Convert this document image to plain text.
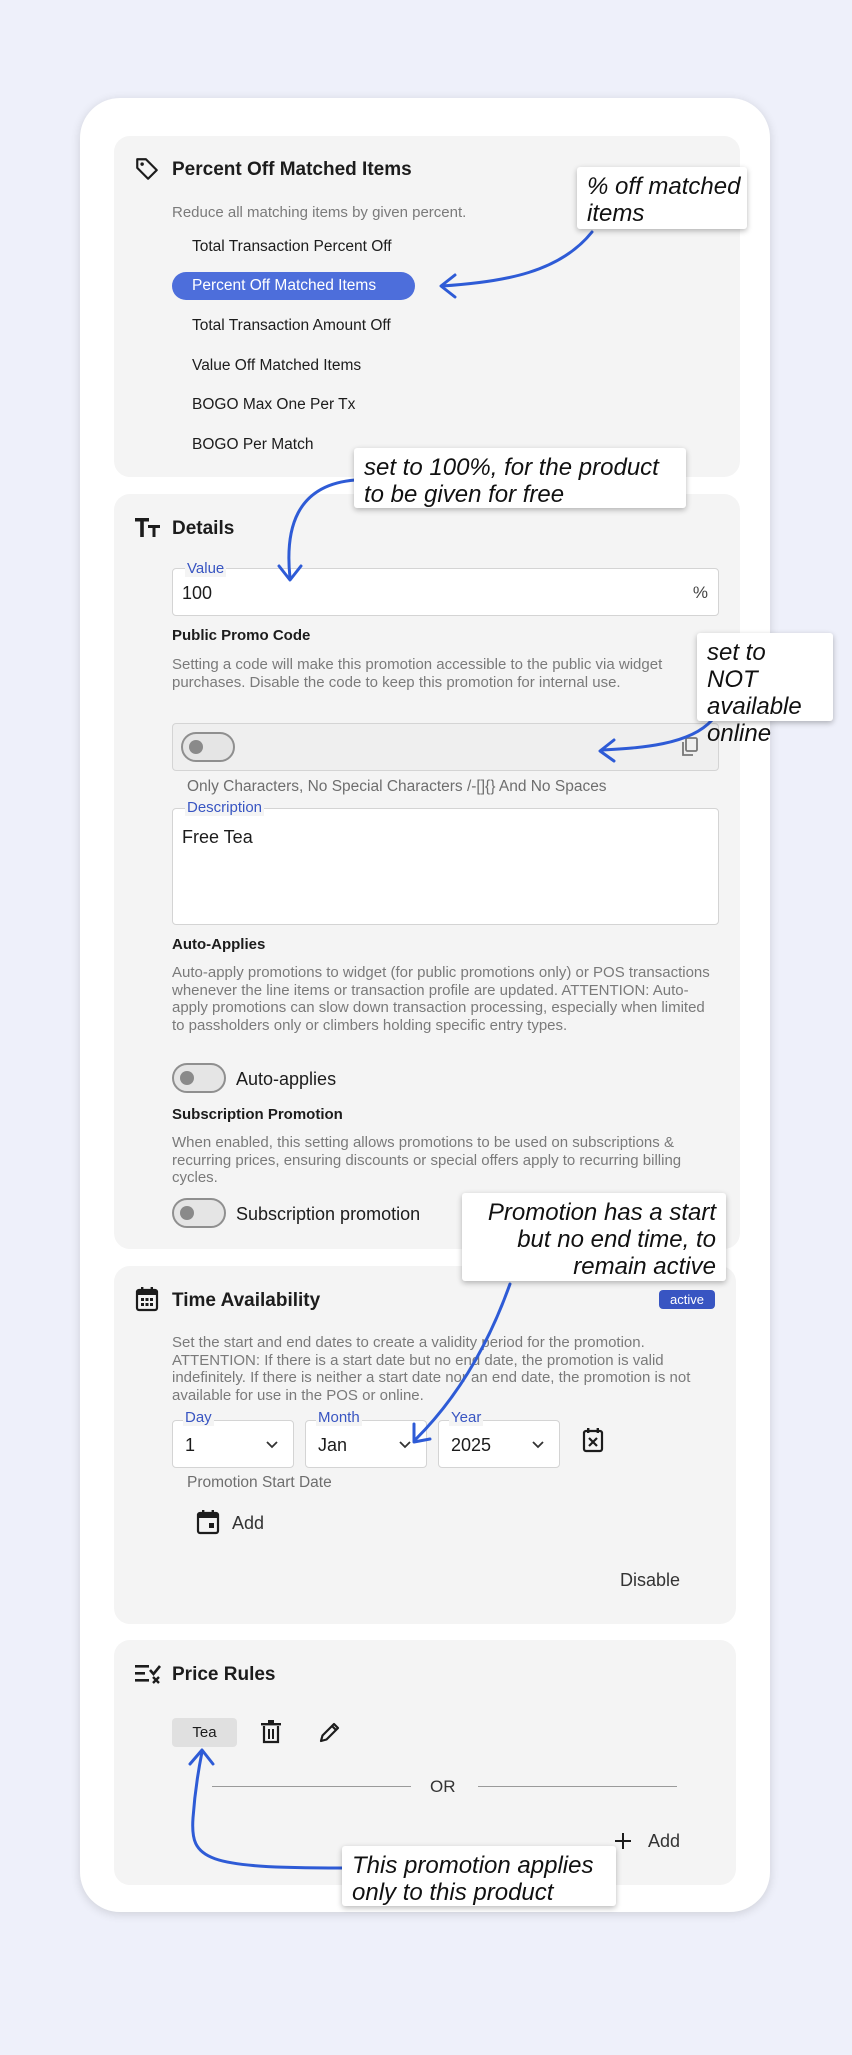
Percent Off Matched Items
Reduce all matching items by given percent.
Total Transaction Percent Off
Percent Off Matched Items
Total Transaction Amount Off
Value Off Matched Items
BOGO Max One Per Tx
BOGO Per Match
Details
100	%
Value
Public Promo Code
Setting a code will make this promotion accessible to the public via widget purchases. Disable the code to keep this promotion for internal use.
Only Characters, No Special Characters /-[]{} And No Spaces
Free Tea
Description
Auto-Applies
Auto-apply promotions to widget (for public promotions only) or POS transactions whenever the line items or transaction profile are updated. ATTENTION: Auto-apply promotions can slow down transaction processing, especially when limited to passholders only or climbers holding specific entry types.
Auto-applies
Subscription Promotion
When enabled, this setting allows promotions to be used on subscriptions & recurring prices, ensuring discounts or special offers apply to recurring billing cycles.
Subscription promotion
Time Availability	active
Set the start and end dates to create a validity period for the promotion. ATTENTION: If there is a start date but no end date, the promotion is valid indefinitely. If there is neither a start date nor an end date, the promotion is not available for use in the POS or online.
Day
1
Month
Jan
Year
2025
Promotion Start Date
Add
Disable
Price Rules
Tea
OR
Add
% off matched items
set to 100%, for the product to be given for free
set to NOT available online
Promotion has a start but no end time, to remain active
This promotion applies only to this product
